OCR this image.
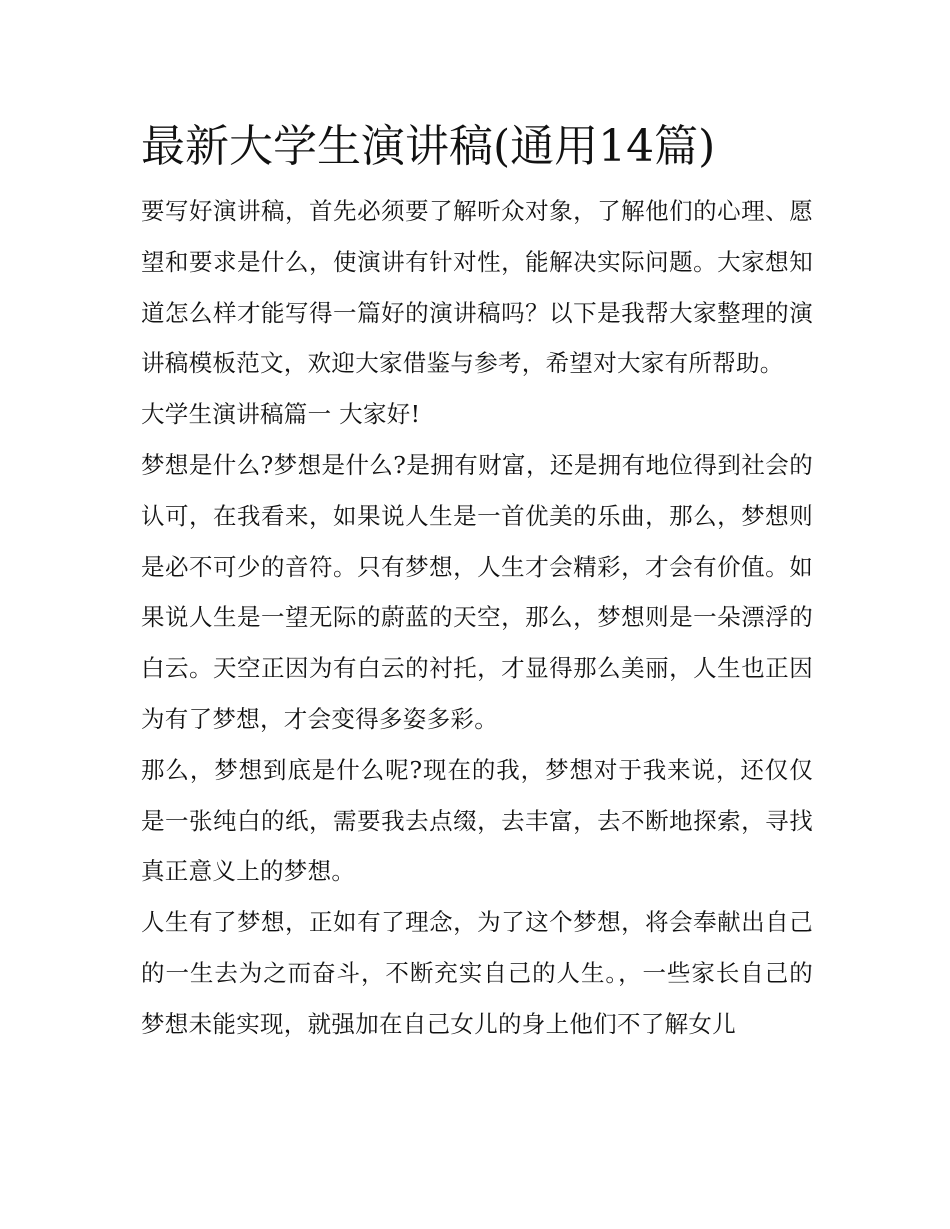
最新大学生演讲稿(通用14篇)

要写好演讲稿，首先必须要了解听众对象，了解他们的心理、愿望和要求是什么，使演讲有针对性，能解决实际问题。大家想知道怎么样才能写得一篇好的演讲稿吗？以下是我帮大家整理的演讲稿模板范文，欢迎大家借鉴与参考，希望对大家有所帮助。

大学生演讲稿篇一 大家好!

梦想是什么?梦想是什么?是拥有财富，还是拥有地位得到社会的认可，在我看来，如果说人生是一首优美的乐曲，那么，梦想则是必不可少的音符。只有梦想，人生才会精彩，才会有价值。如果说人生是一望无际的蔚蓝的天空，那么，梦想则是一朵漂浮的白云。天空正因为有白云的衬托，才显得那么美丽，人生也正因为有了梦想，才会变得多姿多彩。

那么，梦想到底是什么呢?现在的我，梦想对于我来说，还仅仅是一张纯白的纸，需要我去点缀，去丰富，去不断地探索，寻找真正意义上的梦想。

人生有了梦想，正如有了理念，为了这个梦想，将会奉献出自己的一生去为之而奋斗，不断充实自己的人生。，一些家长自己的梦想未能实现，就强加在自己女儿的身上他们不了解女儿
